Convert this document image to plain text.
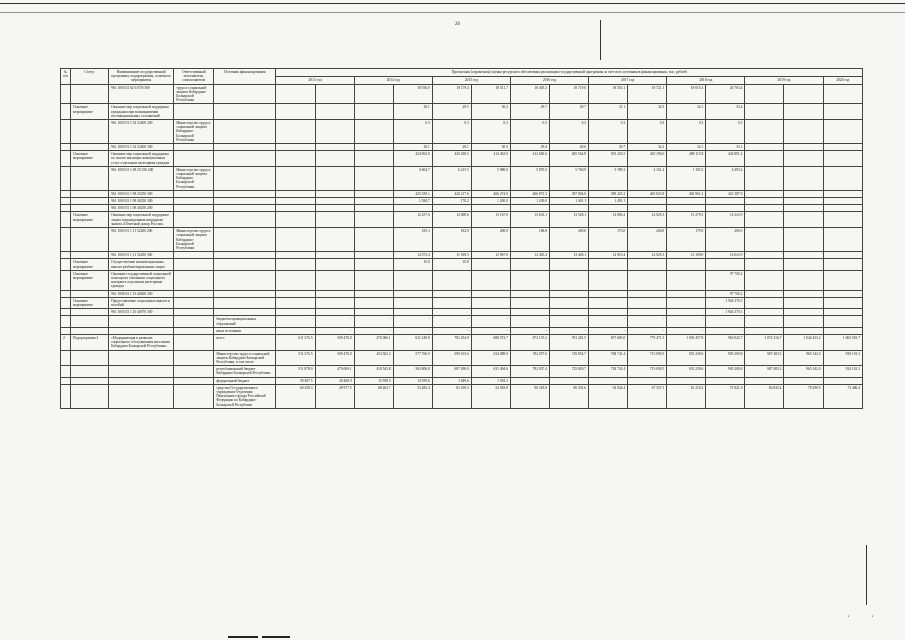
26
№ п/п	Статус	Наименование государственной программы, подпрограммы, основного мероприятия	Ответственный исполнитель, соисполнители	Источник финансирования	Прогнозная (справочная) оценка ресурсного обеспечения реализации государственной программы за счет всех источников финансирования, тыс. рублей														
					2013 год		2014 год		2015 год		2016 год		2017 год		2018 год		2019 год		2020 год
		961 1003 03 02 01570 300	труда и социальной защиты Кабардино-Балкарской Республики					18 556.0	18 179.4	18 511.7	18 405.2	18 719.0	18 353.1	18 721.1	18 015.3	20 763.4			
	Основное мероприятие	Оказание мер социальной поддержки гражданам при возникновении поствакцинальных осложнений						28.1	28.5	30.2	29.7	49.7	31.1	32.5	32.1	33.4			
		961 1003 03 1 02 52400 200	Министерство труда и социальной защиты Кабардино-Балкарской Республики					0.3	0.3	0.3	0.3	0.3	0.3	0.3	0.3	0.3			
		961 1003 03 1 02 52400 300						28.1	28.1	30.0	29.4	40.6	30.7	32.2	32.1	33.1			
	Основное мероприятие	Оказание мер социальной поддержки по оплате жилищно-коммунальных услуг отдельным категориям граждан						434 963.8	420 438.5	414 454.9	412 682.6	405 564.8	391 433.5	410 196.0	408 113.8	424 891.2			
		961 1003 03 1 08 25 250 200	Министерство труда и социальной защиты Кабардино-Балкарской Республики					6 604.7	6 215.5	5 980.0	5 870.3	5 760.9	5 399.2	2 161.2	1 105.5	4 493.4			
		961 1003 03 1 08 25250 300						425 358.1	420 217.6	406 274.9	406 872.3	397 804.0	389 425.2	403 023.8	402 961.3	421 387.9			
		961 1003 03 1 08 40250 300						1 384.7	170.2	1 200.0	1 249.0	1 401.1	1 491.1						
		961 1003 03 1 08 40250 200																	
	Основное мероприятие	Оказание мер социальной поддержки лицам, награжденным нагрудным знаком «Почетный донор России»						12 257.6	12 000.6	13 167.0	13 633.1	13 528.1	13 083.2	12 925.3	13 279.5	14 323.9			
		961 1003 03 1 11 52200 200	Министерство труда и социальной защиты Кабардино-Балкарской Республики					185.3	182.0	200.0	168.8	200.0	173.0	200.0	179.9	200.0			
		961 1003 03 1 11 52200 300						12 072.4	11 818.5	12 967.0	12 465.2	13 428.1	12 910.4	12 925.3	13 109.0	14 023.9			
	Основное мероприятие	Осуществление компенсационных выплат реабилитированным лицам						10.0	10.0										
	Основное мероприятие	Оказание государственной социальной помощи на основании социального контракта отдельным категориям граждан														97 700.2			
		961 1006 03 1 16 40400 300														97 700.2			
	Основное мероприятие	Предоставление социальных выплат и пособий														1 944 370.3			
		961 1003 03 1 20 40070 300														1 944 370.3			
				бюджеты муниципальных образований	-	-	-	-	-	-	-	-	-	-	-	-			
				иные источники	-	-	-	-	-	-	-	-	-	-	-	-			
2.	Подпрограмма 2	«Модернизация и развитие социального обслуживания населения Кабардино-Балкарской Республики»		всего	611 376.5	509 478.0	470 006.1	631 249.8	781 254.9	688 072.7	872 176.2	781 281.5	857 683.0	779 471.5	1 003 457.9	963 022.7	1 072 316.7	1 044 433.2	1 065 581.7
				Министерство труда и социальной защиты Кабардино-Балкарской Республики, в том числе	511 376.5	509 478.0	454 502.3	577 766.9	699 103.6	634 088.9	782 057.6	729 854.7	768 741.4	713 090.5	931 239.6	905 200.8	987 483.3	965 142.0	930 101.3
				республиканский бюджет Кабардино-Балкарской Республики	511 878.9	470 069.1	419 543.8	563 806.8	697 290.0	631 494.6	782 057.4	725 829.7	728 741.4	713 090.5	931 239.6	905 200.8	987 483.3	965 142.0	932 101.3
				федеральный бюджет	39 497.5	39 408.9	15 958.5	13 959.6	1 849.6	1 594.3									
				средства Государственного учреждения-Отделения Пенсионного фонда Российской Федерации по Кабардино-Балкарской Республике	60 258.3	49 977.5	68 263.7	53 482.4	81 169.3	54 583.8	90 318.8	80 501.6	94 924.4	67 357.1	81 218.3	57 821.9	84 843.4	79 290.9	73 486.4
,	,
